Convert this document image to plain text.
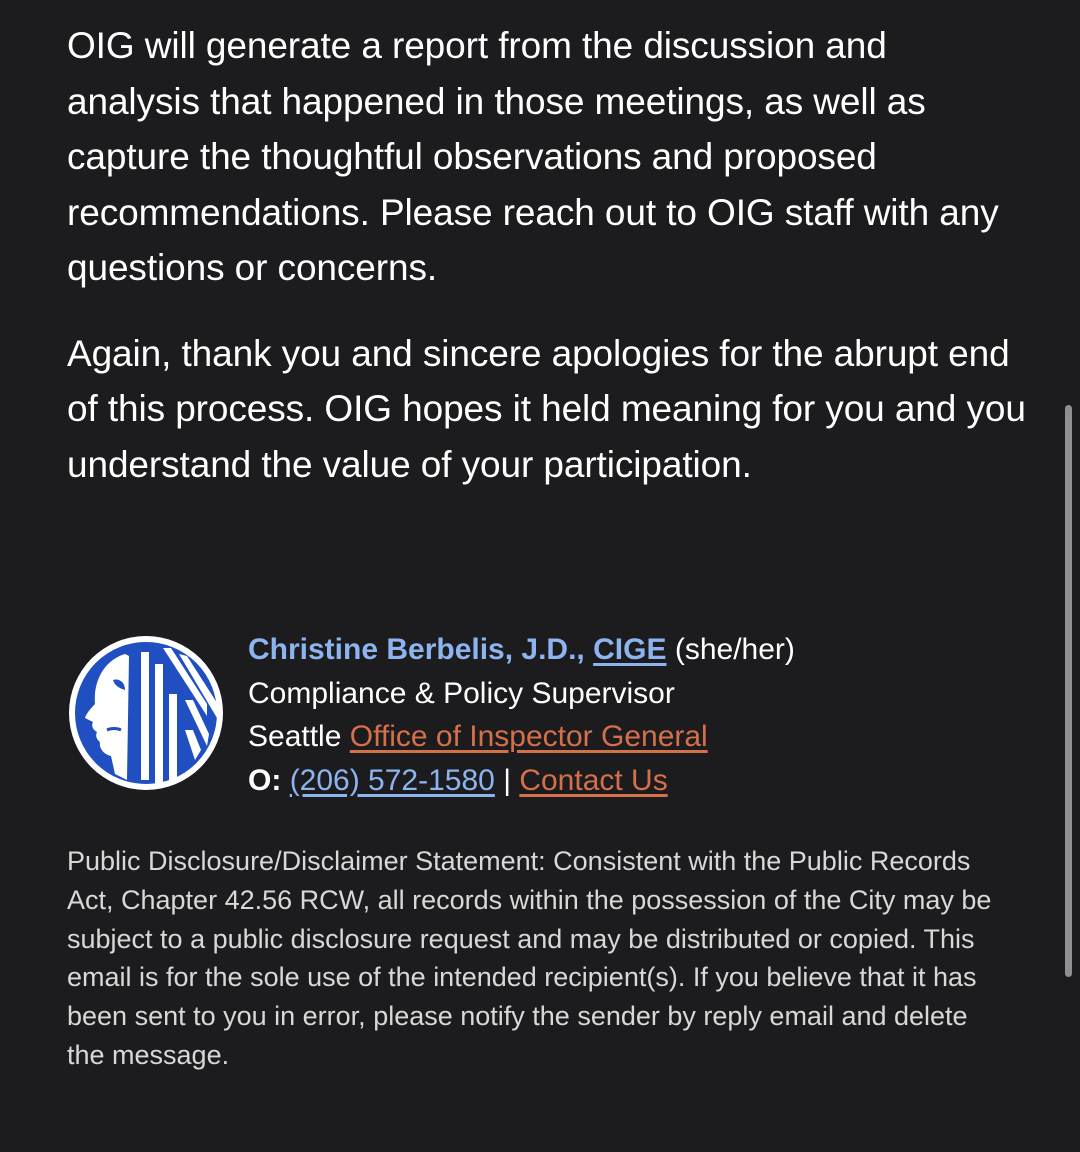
OIG will generate a report from the discussion and analysis that happened in those meetings, as well as capture the thoughtful observations and proposed recommendations. Please reach out to OIG staff with any questions or concerns.

Again, thank you and sincere apologies for the abrupt end of this process. OIG hopes it held meaning for you and you understand the value of your participation.

Christine Berbelis, J.D., CIGE (she/her)
Compliance & Policy Supervisor
Seattle Office of Inspector General
O: (206) 572-1580 | Contact Us

Public Disclosure/Disclaimer Statement: Consistent with the Public Records Act, Chapter 42.56 RCW, all records within the possession of the City may be subject to a public disclosure request and may be distributed or copied. This email is for the sole use of the intended recipient(s). If you believe that it has been sent to you in error, please notify the sender by reply email and delete the message.
